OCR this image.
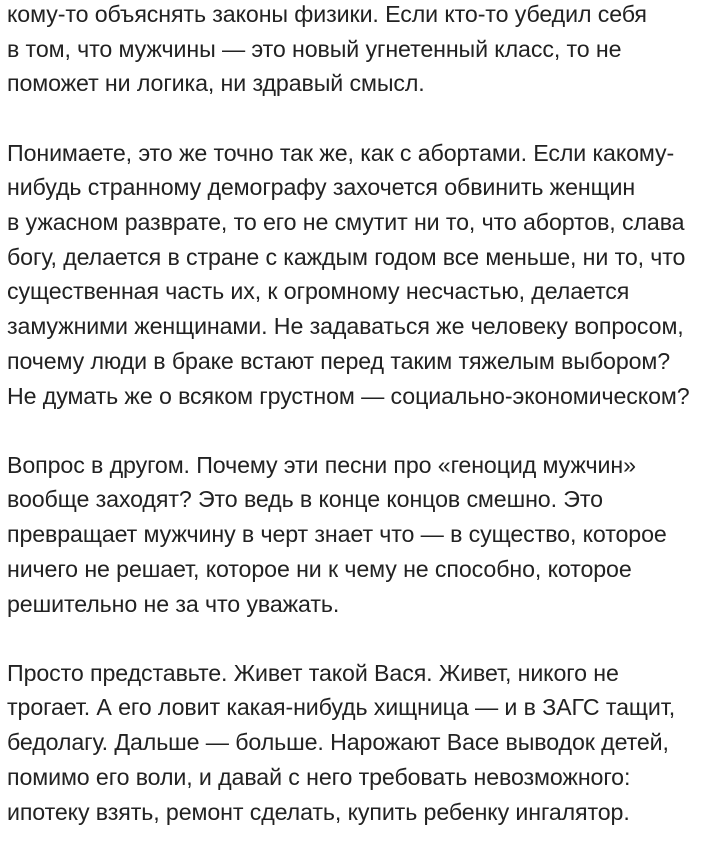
кому-то объяснять законы физики. Если кто-то убедил себя
в том, что мужчины — это новый угнетенный класс, то не
поможет ни логика, ни здравый смысл.

Понимаете, это же точно так же, как с абортами. Если какому-
нибудь странному демографу захочется обвинить женщин
в ужасном разврате, то его не смутит ни то, что абортов, слава
богу, делается в стране с каждым годом все меньше, ни то, что
существенная часть их, к огромному несчастью, делается
замужними женщинами. Не задаваться же человеку вопросом,
почему люди в браке встают перед таким тяжелым выбором?
Не думать же о всяком грустном — социально-экономическом?

Вопрос в другом. Почему эти песни про «геноцид мужчин»
вообще заходят? Это ведь в конце концов смешно. Это
превращает мужчину в черт знает что — в существо, которое
ничего не решает, которое ни к чему не способно, которое
решительно не за что уважать.

Просто представьте. Живет такой Вася. Живет, никого не
трогает. А его ловит какая-нибудь хищница — и в ЗАГС тащит,
бедолагу. Дальше — больше. Нарожают Васе выводок детей,
помимо его воли, и давай с него требовать невозможного:
ипотеку взять, ремонт сделать, купить ребенку ингалятор.
